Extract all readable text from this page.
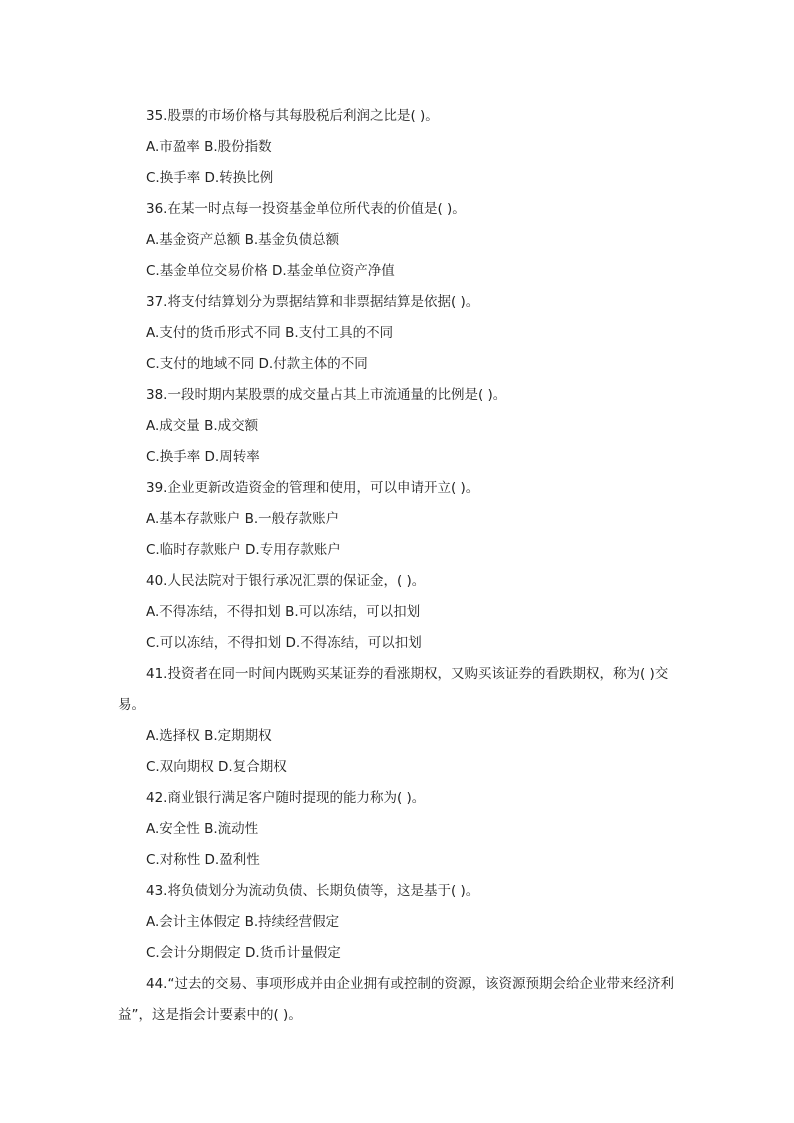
35.股票的市场价格与其每股税后利润之比是( )。
A.市盈率 B.股份指数
C.换手率 D.转换比例
36.在某一时点每一投资基金单位所代表的价值是( )。
A.基金资产总额 B.基金负债总额
C.基金单位交易价格 D.基金单位资产净值
37.将支付结算划分为票据结算和非票据结算是依据( )。
A.支付的货币形式不同 B.支付工具的不同
C.支付的地域不同 D.付款主体的不同
38.一段时期内某股票的成交量占其上市流通量的比例是( )。
A.成交量 B.成交额
C.换手率 D.周转率
39.企业更新改造资金的管理和使用，可以申请开立( )。
A.基本存款账户 B.一般存款账户
C.临时存款账户 D.专用存款账户
40.人民法院对于银行承况汇票的保证金，( )。
A.不得冻结，不得扣划 B.可以冻结，可以扣划
C.可以冻结，不得扣划 D.不得冻结，可以扣划
41.投资者在同一时间内既购买某证券的看涨期权，又购买该证券的看跌期权，称为( )交易。
A.选择权 B.定期期权
C.双向期权 D.复合期权
42.商业银行满足客户随时提现的能力称为( )。
A.安全性 B.流动性
C.对称性 D.盈利性
43.将负债划分为流动负债、长期负债等，这是基于( )。
A.会计主体假定 B.持续经营假定
C.会计分期假定 D.货币计量假定
44.“过去的交易、事项形成并由企业拥有或控制的资源，该资源预期会给企业带来经济利益”，这是指会计要素中的( )。
